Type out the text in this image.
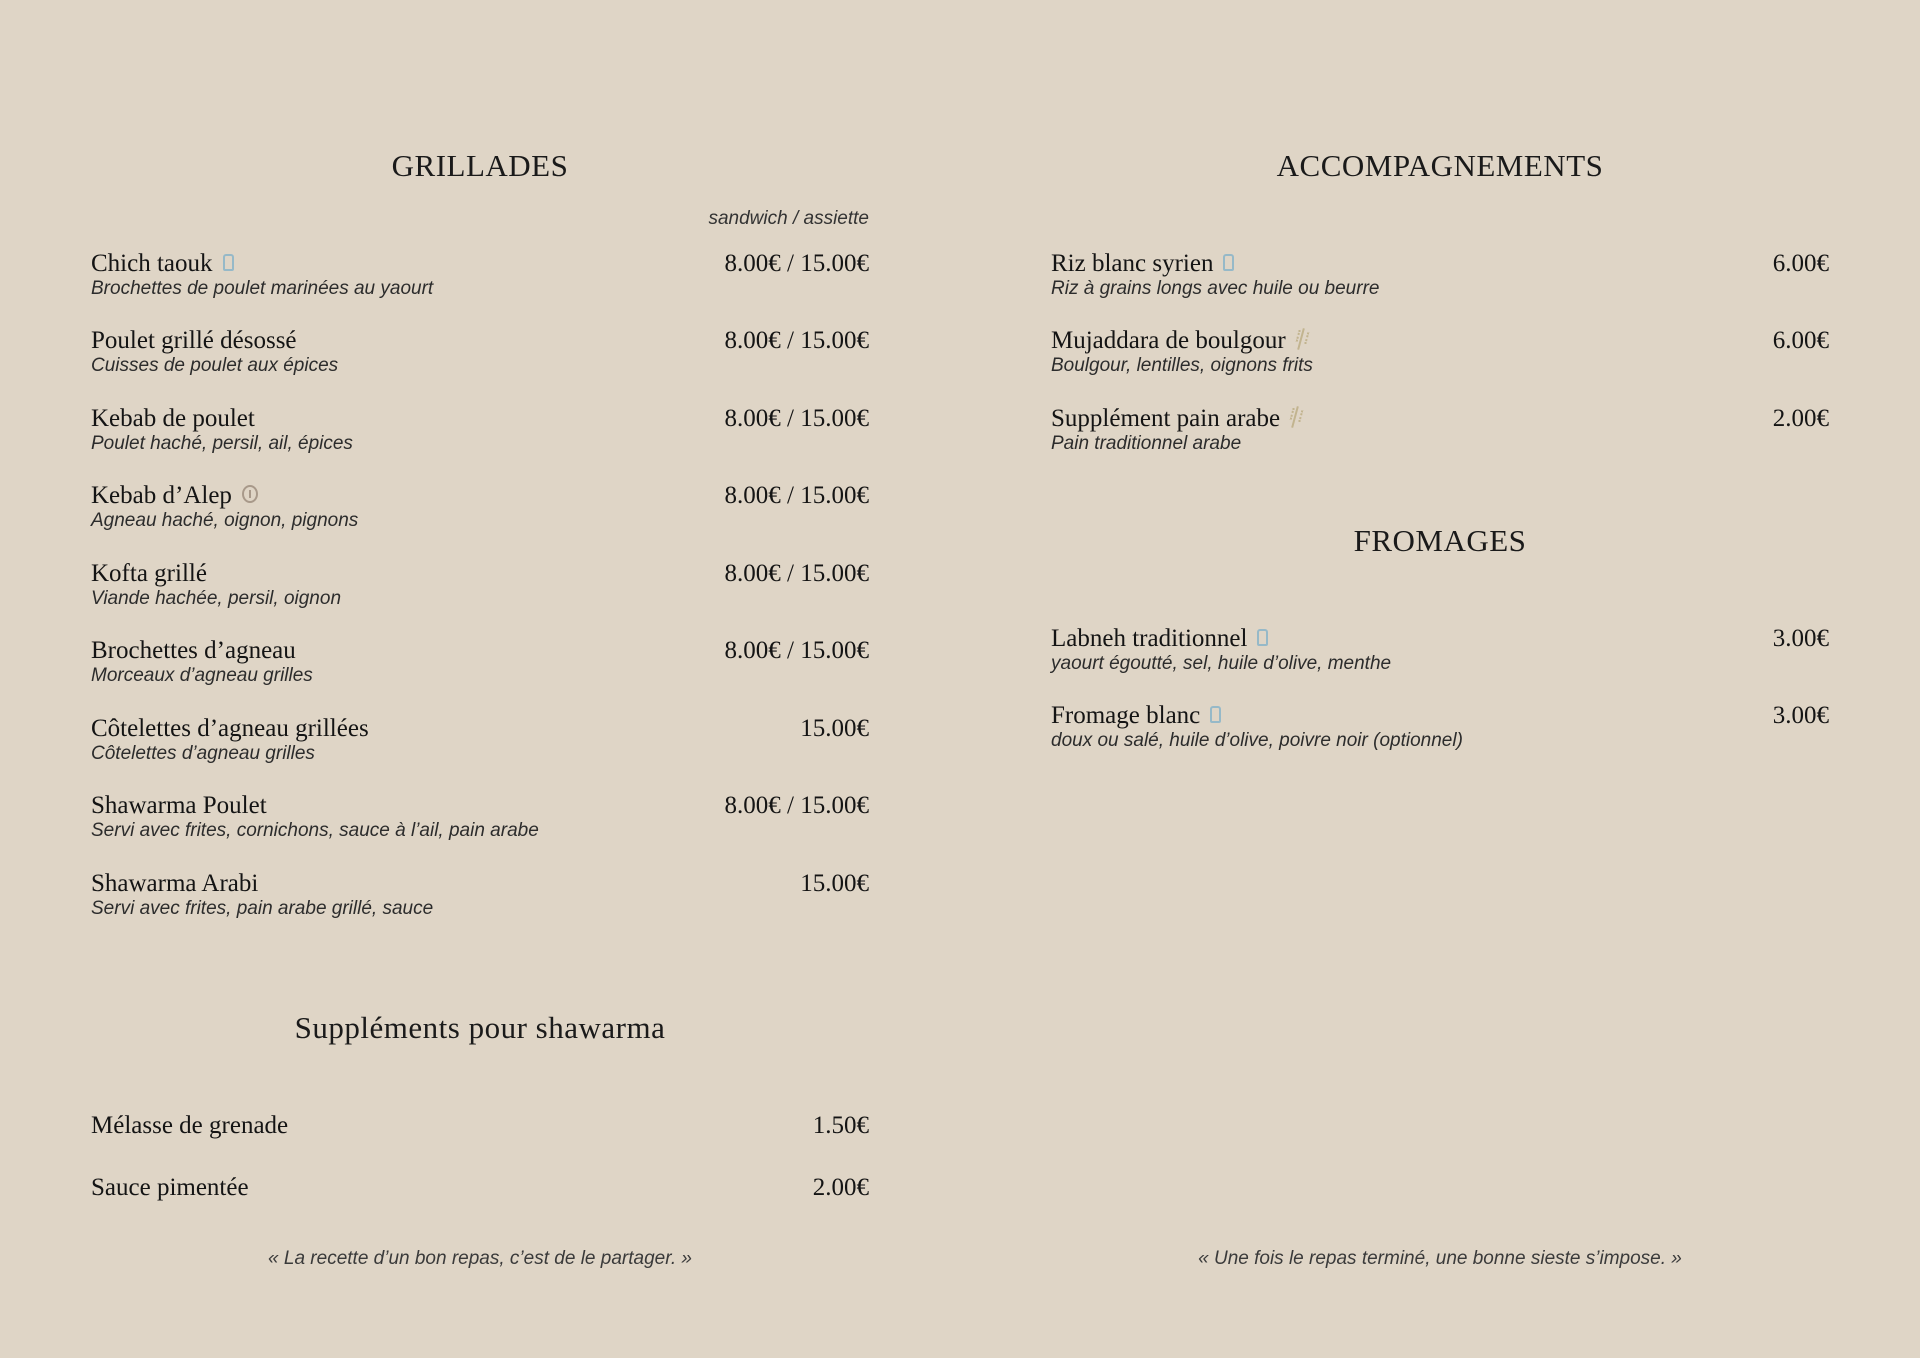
GRILLADES
sandwich / assiette
Chich taouk	8.00€ / 15.00€
Brochettes de poulet marinées au yaourt
Poulet grillé désossé	8.00€ / 15.00€
Cuisses de poulet aux épices
Kebab de poulet	8.00€ / 15.00€
Poulet haché, persil, ail, épices
Kebab d’Alep	8.00€ / 15.00€
Agneau haché, oignon, pignons
Kofta grillé	8.00€ / 15.00€
Viande hachée, persil, oignon
Brochettes d’agneau	8.00€ / 15.00€
Morceaux d’agneau grilles
Côtelettes d’agneau grillées	15.00€
Côtelettes d’agneau grilles
Shawarma Poulet	8.00€ / 15.00€
Servi avec frites, cornichons, sauce à l’ail, pain arabe
Shawarma Arabi	15.00€
Servi avec frites, pain arabe grillé, sauce
Suppléments pour shawarma
Mélasse de grenade	1.50€
Sauce pimentée	2.00€
« La recette d’un bon repas, c’est de le partager. »
ACCOMPAGNEMENTS
Riz blanc syrien	6.00€
Riz à grains longs avec huile ou beurre
Mujaddara de boulgour	6.00€
Boulgour, lentilles, oignons frits
Supplément pain arabe	2.00€
Pain traditionnel arabe
FROMAGES
Labneh traditionnel	3.00€
yaourt égoutté, sel, huile d’olive, menthe
Fromage blanc	3.00€
doux ou salé, huile d’olive, poivre noir (optionnel)
« Une fois le repas terminé, une bonne sieste s’impose. »
